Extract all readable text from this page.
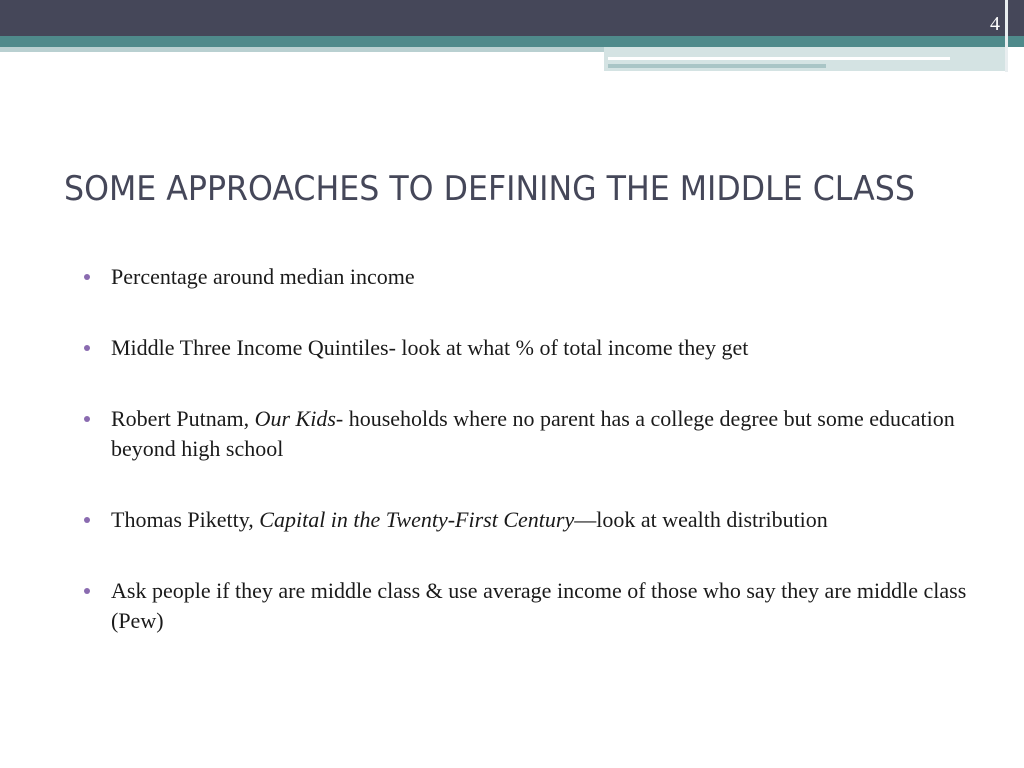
4
SOME APPROACHES TO DEFINING THE MIDDLE CLASS
Percentage around median income
Middle Three Income Quintiles- look at what % of total income they get
Robert Putnam, Our Kids- households where no parent has a college degree but some education beyond high school
Thomas Piketty, Capital in the Twenty-First Century—look at wealth distribution
Ask people if they are middle class & use average income of those who say they are middle class (Pew)
